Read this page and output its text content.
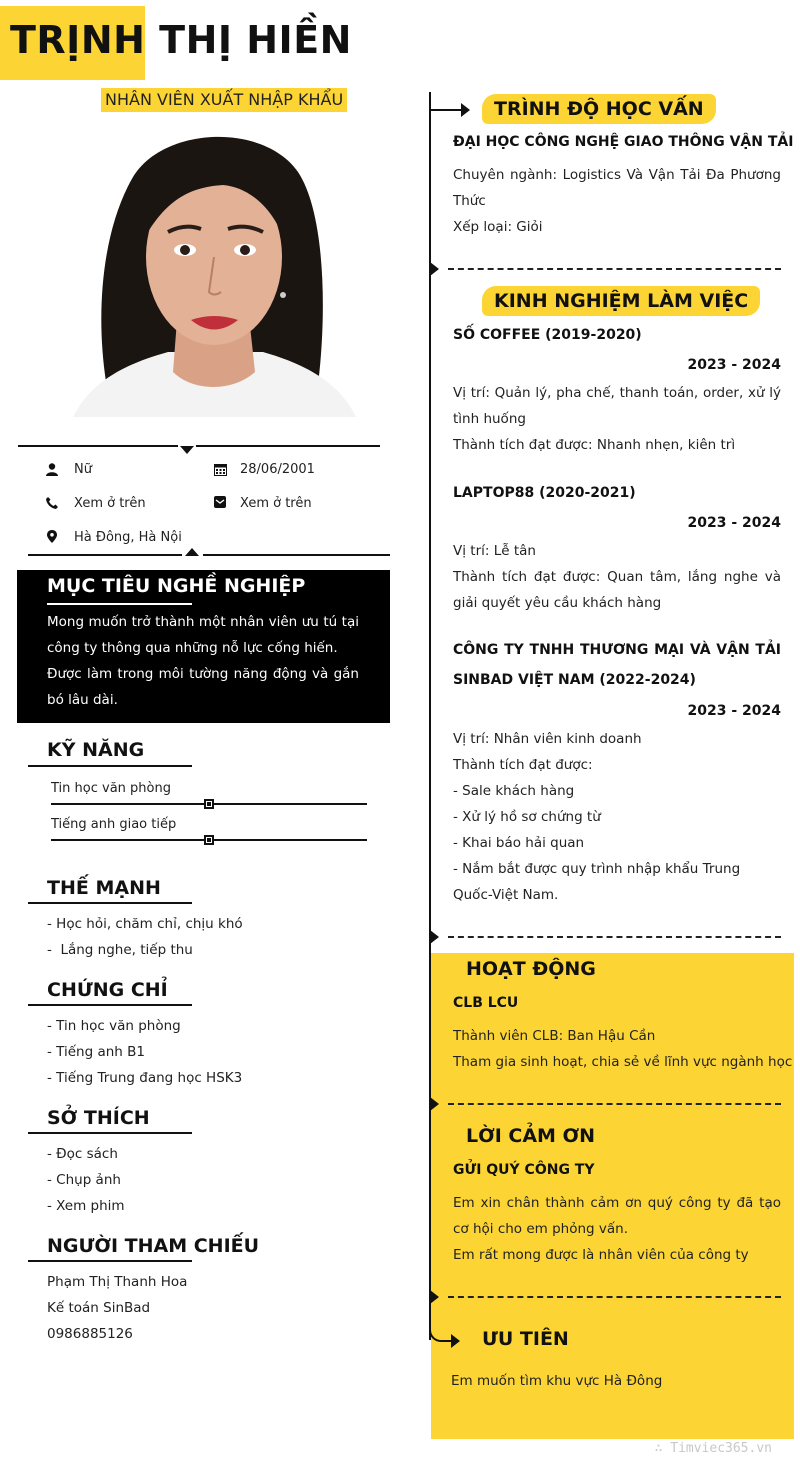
TRỊNH THỊ HIỀN
NHÂN VIÊN XUẤT NHẬP KHẨU
Nữ	28/06/2001
Xem ở trên	Xem ở trên
Hà Đông, Hà Nội
MỤC TIÊU NGHỀ NGHIỆP
Mong muốn trở thành một nhân viên ưu tú tại công ty thông qua những nỗ lực cống hiến.
Được làm trong môi tường năng động và gắn bó lâu dài.
KỸ NĂNG
Tin học văn phòng
Tiếng anh giao tiếp
THẾ MẠNH
- Học hỏi, chăm chỉ, chịu khó
-  Lắng nghe, tiếp thu
CHỨNG CHỈ
- Tin học văn phòng
- Tiếng anh B1
- Tiếng Trung đang học HSK3
SỞ THÍCH
- Đọc sách
- Chụp ảnh
- Xem phim
NGƯỜI THAM CHIẾU
Phạm Thị Thanh Hoa
Kế toán SinBad
0986885126
TRÌNH ĐỘ HỌC VẤN
ĐẠI HỌC CÔNG NGHỆ GIAO THÔNG VẬN TẢI
Chuyên ngành: Logistics Và Vận Tải Đa Phương Thức
Xếp loại: Giỏi
KINH NGHIỆM LÀM VIỆC
SỐ COFFEE (2019-2020)
2023 - 2024
Vị trí: Quản lý, pha chế, thanh toán, order, xử lý tình huống
Thành tích đạt được: Nhanh nhẹn, kiên trì
LAPTOP88 (2020-2021)
2023 - 2024
Vị trí: Lễ tân
Thành tích đạt được: Quan tâm, lắng nghe và giải quyết yêu cầu khách hàng
CÔNG TY TNHH THƯƠNG MẠI VÀ VẬN TẢI SINBAD VIỆT NAM (2022-2024)
2023 - 2024
Vị trí: Nhân viên kinh doanh
Thành tích đạt được:
- Sale khách hàng
- Xử lý hồ sơ chứng từ
- Khai báo hải quan
- Nắm bắt được quy trình nhập khẩu Trung Quốc-Việt Nam.
HOẠT ĐỘNG
CLB LCU
Thành viên CLB: Ban Hậu Cần
Tham gia sinh hoạt, chia sẻ về lĩnh vực ngành học
LỜI CẢM ƠN
GỬI QUÝ CÔNG TY
Em xin chân thành cảm ơn quý công ty đã tạo cơ hội cho em phỏng vấn.
Em rất mong được là nhân viên của công ty
ƯU TIÊN
Em muốn tìm khu vực Hà Đông
∴ Timviec365.vn
